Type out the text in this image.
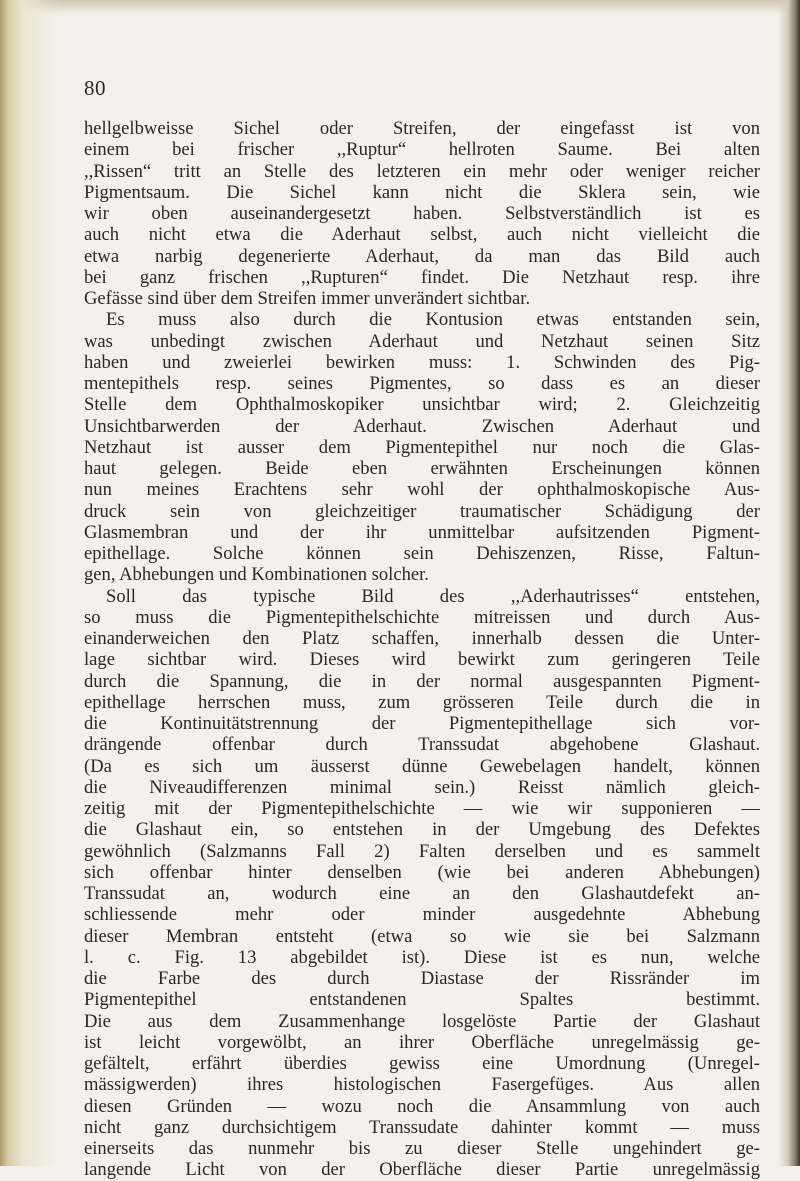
80
hellgelbweisse Sichel oder Streifen, der eingefasst ist von
einem bei frischer ,,Ruptur“ hellroten Saume. Bei alten
,,Rissen“ tritt an Stelle des letzteren ein mehr oder weniger reicher
Pigmentsaum. Die Sichel kann nicht die Sklera sein, wie
wir oben auseinandergesetzt haben. Selbstverständlich ist es
auch nicht etwa die Aderhaut selbst, auch nicht vielleicht die
etwa narbig degenerierte Aderhaut, da man das Bild auch
bei ganz frischen ,,Rupturen“ findet. Die Netzhaut resp. ihre
Gefässe sind über dem Streifen immer unverändert sichtbar.
Es muss also durch die Kontusion etwas entstanden sein,
was unbedingt zwischen Aderhaut und Netzhaut seinen Sitz
haben und zweierlei bewirken muss: 1. Schwinden des Pig-
mentepithels resp. seines Pigmentes, so dass es an dieser
Stelle dem Ophthalmoskopiker unsichtbar wird; 2. Gleichzeitig
Unsichtbarwerden der Aderhaut. Zwischen Aderhaut und
Netzhaut ist ausser dem Pigmentepithel nur noch die Glas-
haut gelegen. Beide eben erwähnten Erscheinungen können
nun meines Erachtens sehr wohl der ophthalmoskopische Aus-
druck sein von gleichzeitiger traumatischer Schädigung der
Glasmembran und der ihr unmittelbar aufsitzenden Pigment-
epithellage. Solche können sein Dehiszenzen, Risse, Faltun-
gen, Abhebungen und Kombinationen solcher.
Soll das typische Bild des ,,Aderhautrisses“ entstehen,
so muss die Pigmentepithelschichte mitreissen und durch Aus-
einanderweichen den Platz schaffen, innerhalb dessen die Unter-
lage sichtbar wird. Dieses wird bewirkt zum geringeren Teile
durch die Spannung, die in der normal ausgespannten Pigment-
epithellage herrschen muss, zum grösseren Teile durch die in
die Kontinuitätstrennung der Pigmentepithellage sich vor-
drängende offenbar durch Transsudat abgehobene Glashaut.
(Da es sich um äusserst dünne Gewebelagen handelt, können
die Niveaudifferenzen minimal sein.) Reisst nämlich gleich-
zeitig mit der Pigmentepithelschichte — wie wir supponieren —
die Glashaut ein, so entstehen in der Umgebung des Defektes
gewöhnlich (Salzmanns Fall 2) Falten derselben und es sammelt
sich offenbar hinter denselben (wie bei anderen Abhebungen)
Transsudat an, wodurch eine an den Glashautdefekt an-
schliessende mehr oder minder ausgedehnte Abhebung
dieser Membran entsteht (etwa so wie sie bei Salzmann
l. c. Fig. 13 abgebildet ist). Diese ist es nun, welche
die Farbe des durch Diastase der Rissränder im
Pigmentepithel entstandenen Spaltes bestimmt.
Die aus dem Zusammenhange losgelöste Partie der Glashaut
ist leicht vorgewölbt, an ihrer Oberfläche unregelmässig ge-
gefältelt, erfährt überdies gewiss eine Umordnung (Unregel-
mässigwerden) ihres histologischen Fasergefüges. Aus allen
diesen Gründen — wozu noch die Ansammlung von auch
nicht ganz durchsichtigem Transsudate dahinter kommt — muss
einerseits das nunmehr bis zu dieser Stelle ungehindert ge-
langende Licht von der Oberfläche dieser Partie unregelmässig
